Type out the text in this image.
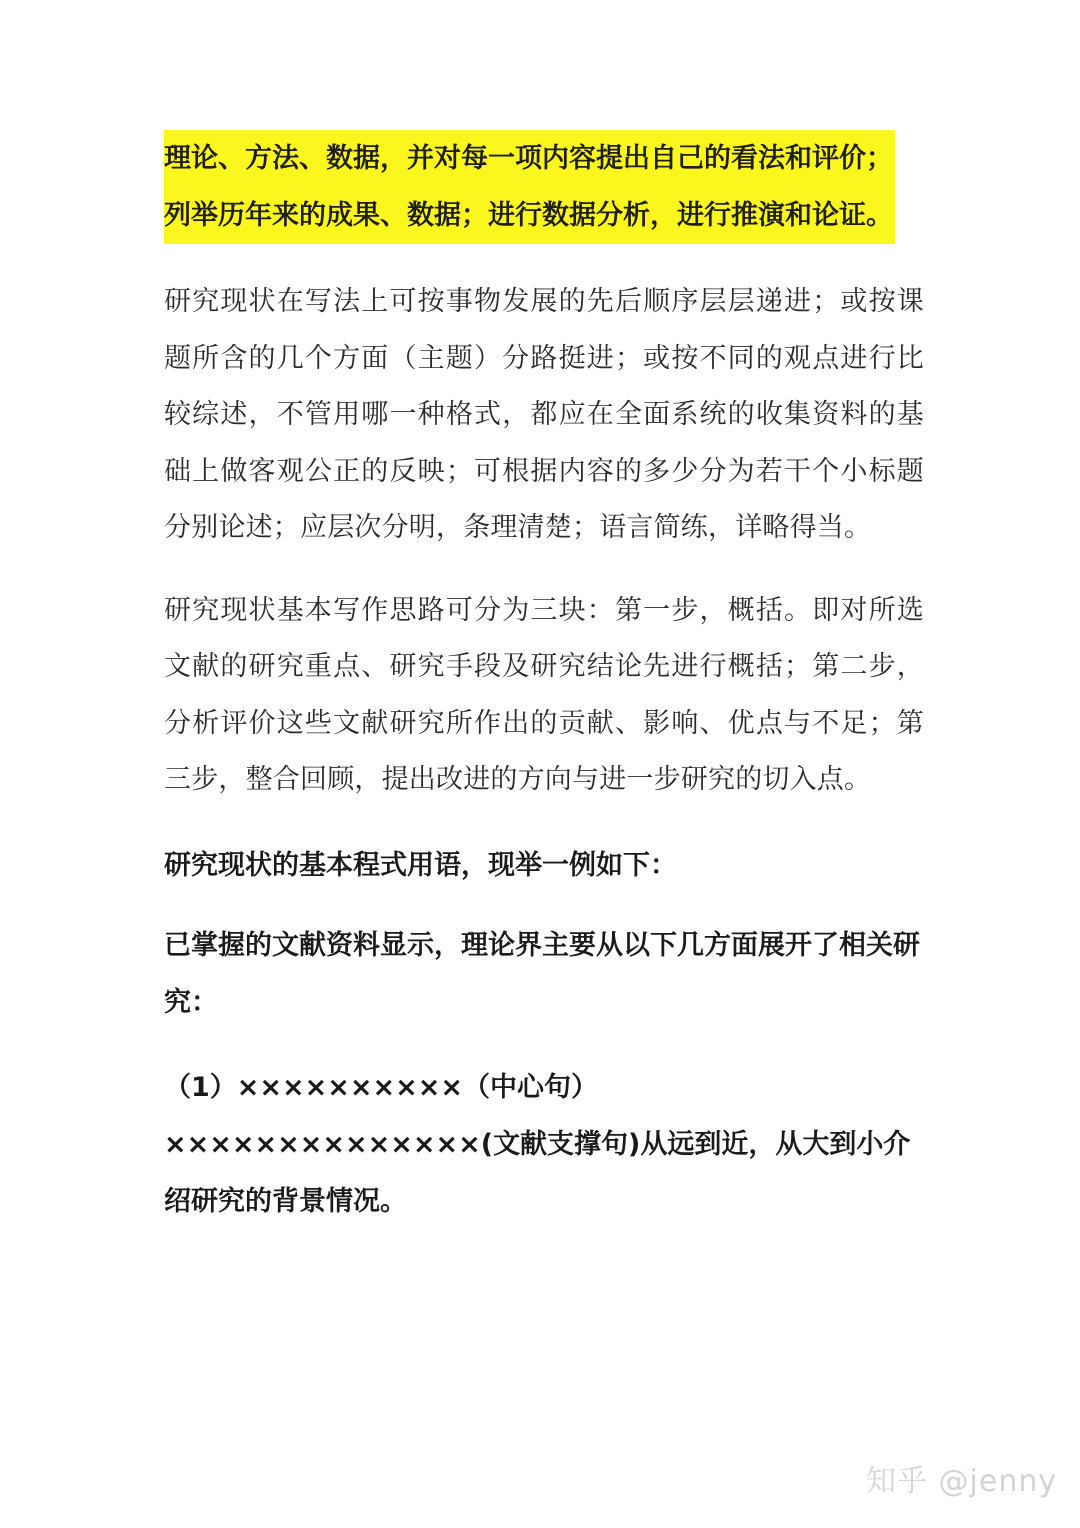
理论、方法、数据，并对每一项内容提出自己的看法和评价；
列举历年来的成果、数据；进行数据分析，进行推演和论证。

研究现状在写法上可按事物发展的先后顺序层层递进；或按课题所含的几个方面（主题）分路挺进；或按不同的观点进行比较综述，不管用哪一种格式，都应在全面系统的收集资料的基础上做客观公正的反映；可根据内容的多少分为若干个小标题分别论述；应层次分明，条理清楚；语言简练，详略得当。

研究现状基本写作思路可分为三块：第一步，概括。即对所选文献的研究重点、研究手段及研究结论先进行概括；第二步，分析评价这些文献研究所作出的贡献、影响、优点与不足；第三步，整合回顾，提出改进的方向与进一步研究的切入点。

研究现状的基本程式用语，现举一例如下：

已掌握的文献资料显示，理论界主要从以下几方面展开了相关研究：

（1）××××××××××（中心句）××××××××××××××(文献支撑句)从远到近，从大到小介绍研究的背景情况。

知乎 @jenny
